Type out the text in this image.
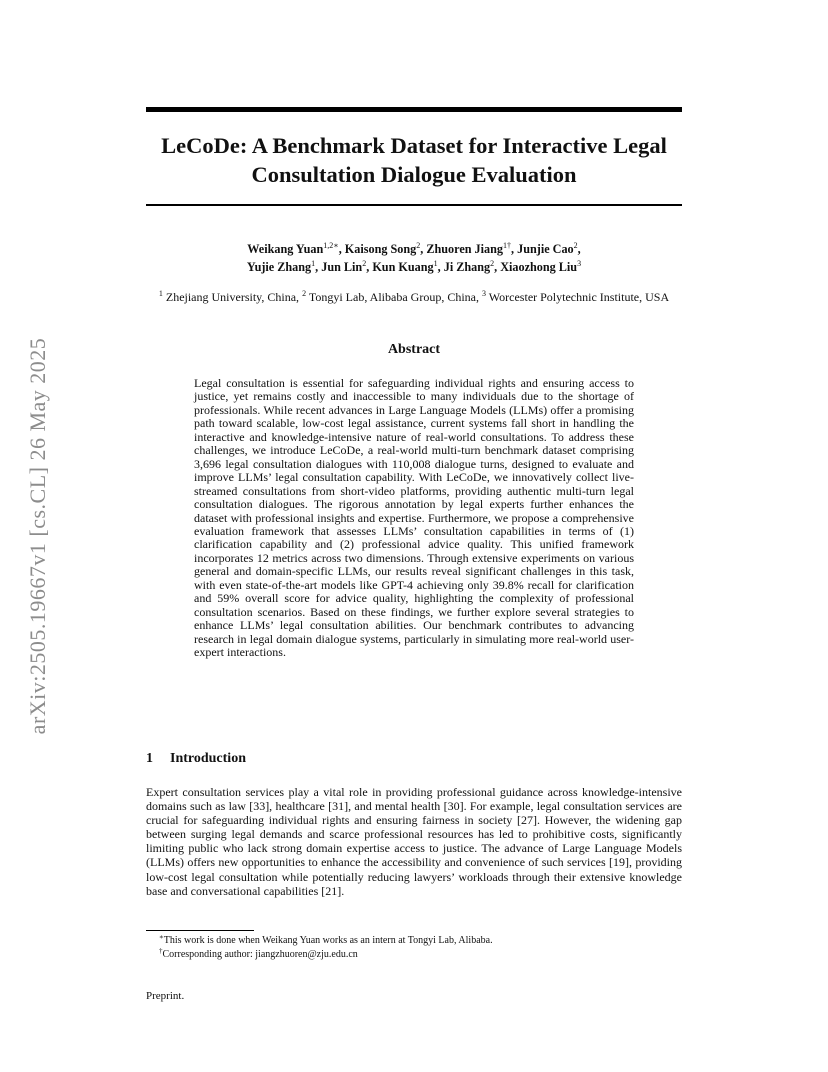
arXiv:2505.19667v1 [cs.CL] 26 May 2025
LeCoDe: A Benchmark Dataset for Interactive Legal
Consultation Dialogue Evaluation
Weikang Yuan$^{1,2∗}$, Kaisong Song$^2$, Zhuoren Jiang$^{1\dagger}$, Junjie Cao$^2$,
Yujie Zhang$^1$, Jun Lin$^2$, Kun Kuang$^1$, Ji Zhang$^2$, Xiaozhong Liu$^3$
$^1$ Zhejiang University, China, $^2$ Tongyi Lab, Alibaba Group, China, $^3$ Worcester Polytechnic Institute, USA
Abstract

Legal consultation is essential for safeguarding individual rights and ensuring access to justice, yet remains costly and inaccessible to many individuals due to the shortage of professionals. While recent advances in Large Language Models (LLMs) offer a promising path toward scalable, low-cost legal assistance, current systems fall short in handling the interactive and knowledge-intensive nature of real-world consultations. To address these challenges, we introduce LeCoDe, a real-world multi-turn benchmark dataset comprising 3,696 legal consultation dialogues with 110,008 dialogue turns, designed to evaluate and improve LLMs’ legal consultation capability. With LeCoDe, we innovatively collect live-streamed consultations from short-video platforms, providing authentic multi-turn legal consultation dialogues. The rigorous annotation by legal experts further enhances the dataset with professional insights and expertise. Furthermore, we propose a comprehensive evaluation framework that assesses LLMs’ consultation capabilities in terms of (1) clarification capability and (2) professional advice quality. This unified framework incorporates 12 metrics across two dimensions. Through extensive experiments on various general and domain-specific LLMs, our results reveal significant challenges in this task, with even state-of-the-art models like GPT-4 achieving only 39.8% recall for clarification and 59% overall score for advice quality, highlighting the complexity of professional consultation scenarios. Based on these findings, we further explore several strategies to enhance LLMs’ legal consultation abilities. Our benchmark contributes to advancing research in legal domain dialogue systems, particularly in simulating more real-world user-expert interactions.

1 Introduction

Expert consultation services play a vital role in providing professional guidance across knowledge-intensive domains such as law [33], healthcare [31], and mental health [30]. For example, legal consultation services are crucial for safeguarding individual rights and ensuring fairness in society [27]. However, the widening gap between surging legal demands and scarce professional resources has led to prohibitive costs, significantly limiting public who lack strong domain expertise access to justice. The advance of Large Language Models (LLMs) offers new opportunities to enhance the accessibility and convenience of such services [19], providing low-cost legal consultation while potentially reducing lawyers’ workloads through their extensive knowledge base and conversational capabilities [21].

∗This work is done when Weikang Yuan works as an intern at Tongyi Lab, Alibaba.
†Corresponding author: jiangzhuoren@zju.edu.cn
Preprint.
